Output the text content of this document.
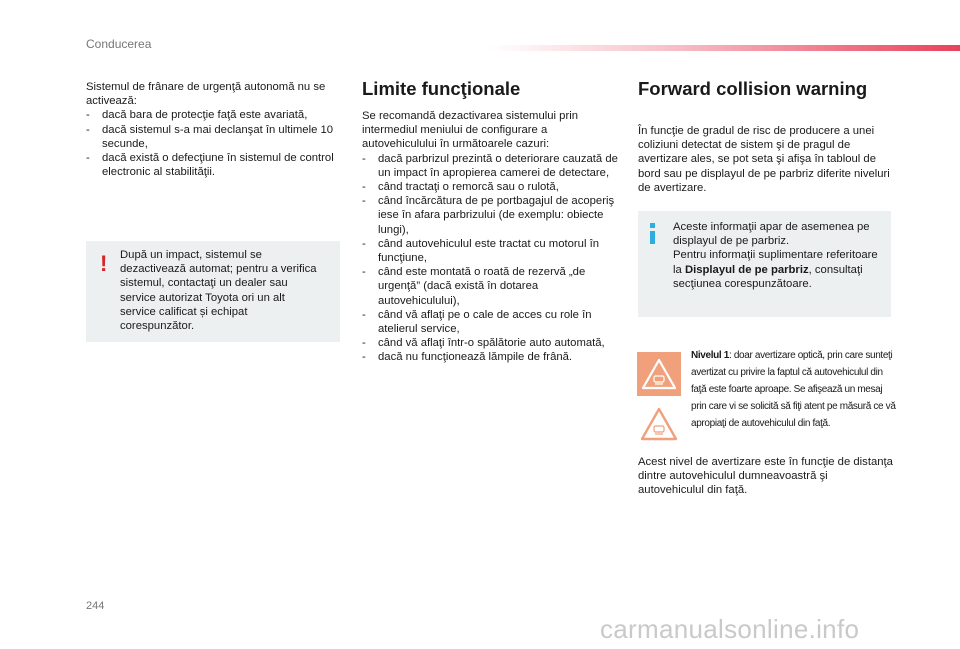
Conducerea
Sistemul de frânare de urgenţă autonomă nu se activează:
- dacă bara de protecţie faţă este avariată,
- dacă sistemul s-a mai declanşat în ultimele 10 secunde,
- dacă există o defecţiune în sistemul de control electronic al stabilităţii.
! După un impact, sistemul se dezactivează automat; pentru a verifica sistemul, contactaţi un dealer sau service autorizat Toyota ori un alt service calificat și echipat corespunzător.
Limite funcţionale
Se recomandă dezactivarea sistemului prin intermediul meniului de configurare a autovehiculului în următoarele cazuri:
- dacă parbrizul prezintă o deteriorare cauzată de un impact în apropierea camerei de detectare,
- când tractaţi o remorcă sau o rulotă,
- când încărcătura de pe portbagajul de acoperiş iese în afara parbrizului (de exemplu: obiecte lungi),
- când autovehiculul este tractat cu motorul în funcţiune,
- când este montată o roată de rezervă „de urgenţă” (dacă există în dotarea autovehiculului),
- când vă aflaţi pe o cale de acces cu role în atelierul service,
- când vă aflaţi într-o spălătorie auto automată,
- dacă nu funcţionează lămpile de frână.
Forward collision warning
În funcţie de gradul de risc de producere a unei coliziuni detectat de sistem şi de pragul de avertizare ales, se pot seta şi afişa în tabloul de bord sau pe displayul de pe parbriz diferite niveluri de avertizare.
Aceste informaţii apar de asemenea pe displayul de pe parbriz.
Pentru informaţii suplimentare referitoare la Displayul de pe parbriz, consultaţi secţiunea corespunzătoare.
Nivelul 1: doar avertizare optică, prin care sunteţi avertizat cu privire la faptul că autovehiculul din faţă este foarte aproape. Se afişează un mesaj prin care vi se solicită să fiţi atent pe măsură ce vă apropiaţi de autovehiculul din faţă.
Acest nivel de avertizare este în funcţie de distanţa dintre autovehiculul dumneavoastră şi autovehiculul din faţă.
244
carmanualsonline.info
